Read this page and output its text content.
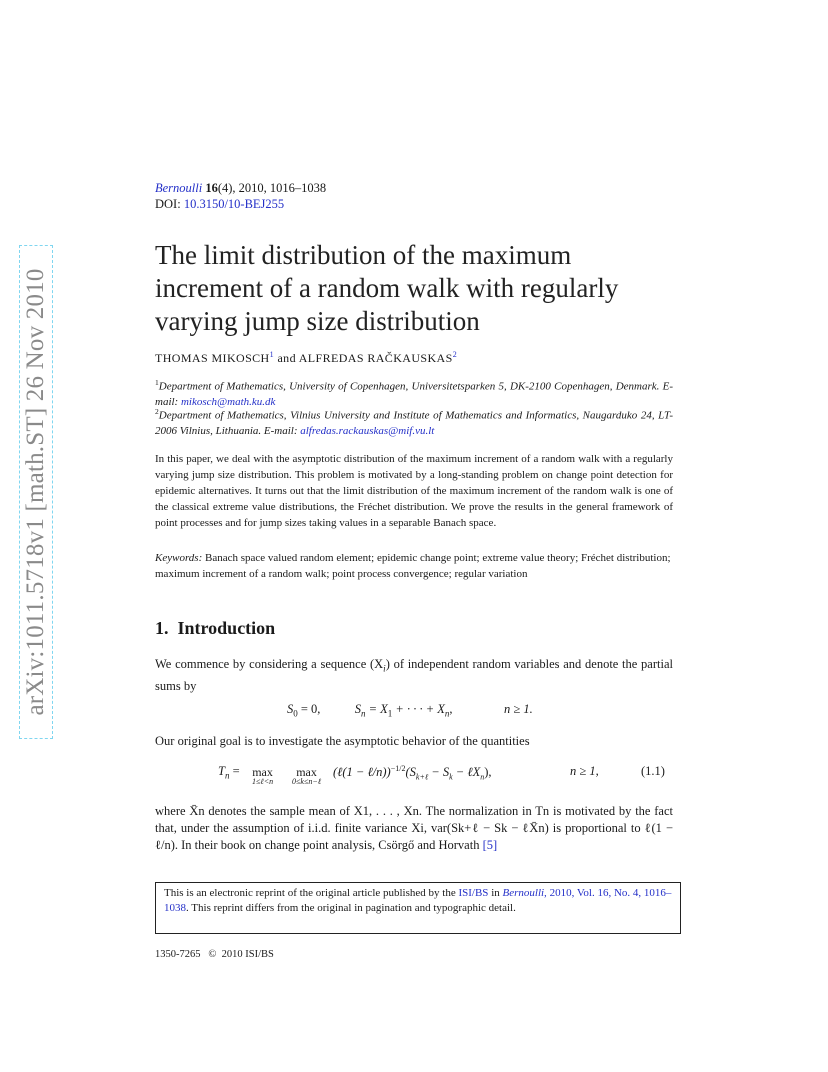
arXiv:1011.5718v1 [math.ST] 26 Nov 2010
Bernoulli 16(4), 2010, 1016–1038
DOI: 10.3150/10-BEJ255
The limit distribution of the maximum
increment of a random walk with regularly
varying jump size distribution
THOMAS MIKOSCH$^1$ and ALFREDAS RAČKAUSKAS$^2$
$^1$Department of Mathematics, University of Copenhagen, Universitetsparken 5, DK-2100 Copenhagen, Denmark. E-mail: mikosch@math.ku.dk
$^2$Department of Mathematics, Vilnius University and Institute of Mathematics and Informatics, Naugarduko 24, LT-2006 Vilnius, Lithuania. E-mail: alfredas.rackauskas@mif.vu.lt
In this paper, we deal with the asymptotic distribution of the maximum increment of a random walk with a regularly varying jump size distribution. This problem is motivated by a long-standing problem on change point detection for epidemic alternatives. It turns out that the limit distribution of the maximum increment of the random walk is one of the classical extreme value distributions, the Fréchet distribution. We prove the results in the general framework of point processes and for jump sizes taking values in a separable Banach space.
Keywords: Banach space valued random element; epidemic change point; extreme value theory; Fréchet distribution; maximum increment of a random walk; point process convergence; regular variation
1. Introduction
We commence by considering a sequence $(X_i)$ of independent random variables and denote the partial sums by
$S_0 = 0$,	$S_n = X_1$ + · · · + $X_n$,	n ≥ 1.
Our original goal is to investigate the asymptotic behavior of the quantities
$T_n = \max$
1≤ℓ<n
max
0≤k≤n−ℓ
(ℓ(1 − $\ell/n))^{-1/2}(S_{k+\ell} - S_k$ − ℓX$_n$),	n ≥ 1,	(1.1)
where X̄n denotes the sample mean of X1, . . . , Xn. The normalization in Tn is motivated by the fact that, under the assumption of i.i.d. finite variance Xi, var(Sk+ℓ − Sk − ℓX̄n) is proportional to ℓ(1 − ℓ/n). In their book on change point analysis, Csörgő and Horvath [5]
This is an electronic reprint of the original article published by the ISI/BS in Bernoulli, 2010, Vol. 16, No. 4, 1016–1038. This reprint differs from the original in pagination and typographic detail.
1350-7265 © 2010 ISI/BS
